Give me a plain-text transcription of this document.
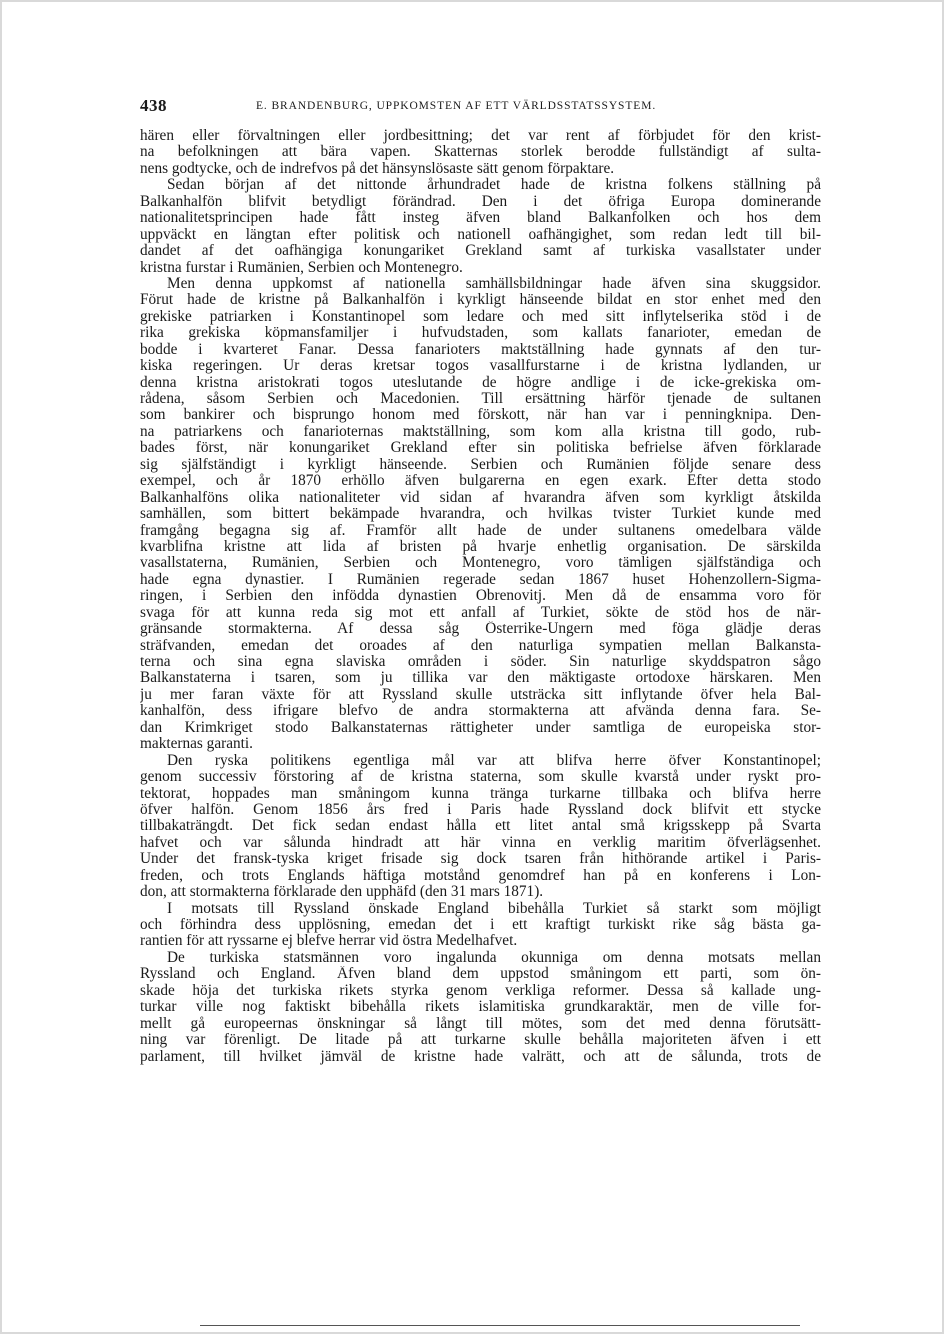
438	E. BRANDENBURG, UPPKOMSTEN AF ETT VÄRLDSSTATSSYSTEM.
hären eller förvaltningen eller jordbesittning; det var rent af förbjudet för den krist-
na befolkningen att bära vapen. Skatternas storlek berodde fullständigt af sulta-
nens godtycke, och de indrefvos på det hänsynslösaste sätt genom förpaktare.
Sedan början af det nittonde århundradet hade de kristna folkens ställning på
Balkanhalfön blifvit betydligt förändrad. Den i det öfriga Europa dominerande
nationalitetsprincipen hade fått insteg äfven bland Balkanfolken och hos dem
uppväckt en längtan efter politisk och nationell oafhängighet, som redan ledt till bil-
dandet af det oafhängiga konungariket Grekland samt af turkiska vasallstater under
kristna furstar i Rumänien, Serbien och Montenegro.
Men denna uppkomst af nationella samhällsbildningar hade äfven sina skuggsidor.
Förut hade de kristne på Balkanhalfön i kyrkligt hänseende bildat en stor enhet med den
grekiske patriarken i Konstantinopel som ledare och med sitt inflytelserika stöd i de
rika grekiska köpmansfamiljer i hufvudstaden, som kallats fanarioter, emedan de
bodde i kvarteret Fanar. Dessa fanarioters maktställning hade gynnats af den tur-
kiska regeringen. Ur deras kretsar togos vasallfurstarne i de kristna lydlanden, ur
denna kristna aristokrati togos uteslutande de högre andlige i de icke-grekiska om-
rådena, såsom Serbien och Macedonien. Till ersättning härför tjenade de sultanen
som bankirer och bisprungo honom med förskott, när han var i penningknipa. Den-
na patriarkens och fanarioternas maktställning, som kom alla kristna till godo, rub-
bades först, när konungariket Grekland efter sin politiska befrielse äfven förklarade
sig själfständigt i kyrkligt hänseende. Serbien och Rumänien följde senare dess
exempel, och år 1870 erhöllo äfven bulgarerna en egen exark. Efter detta stodo
Balkanhalföns olika nationaliteter vid sidan af hvarandra äfven som kyrkligt åtskilda
samhällen, som bittert bekämpade hvarandra, och hvilkas tvister Turkiet kunde med
framgång begagna sig af. Framför allt hade de under sultanens omedelbara välde
kvarblifna kristne att lida af bristen på hvarje enhetlig organisation. De särskilda
vasallstaterna, Rumänien, Serbien och Montenegro, voro tämligen själfständiga och
hade egna dynastier. I Rumänien regerade sedan 1867 huset Hohenzollern-Sigma-
ringen, i Serbien den infödda dynastien Obrenovitj. Men då de ensamma voro för
svaga för att kunna reda sig mot ett anfall af Turkiet, sökte de stöd hos de när-
gränsande stormakterna. Af dessa såg Österrike-Ungern med föga glädje deras
sträfvanden, emedan det oroades af den naturliga sympatien mellan Balkansta-
terna och sina egna slaviska områden i söder. Sin naturlige skyddspatron sågo
Balkanstaterna i tsaren, som ju tillika var den mäktigaste ortodoxe härskaren. Men
ju mer faran växte för att Ryssland skulle utsträcka sitt inflytande öfver hela Bal-
kanhalfön, dess ifrigare blefvo de andra stormakterna att afvända denna fara. Se-
dan Krimkriget stodo Balkanstaternas rättigheter under samtliga de europeiska stor-
makternas garanti.
Den ryska politikens egentliga mål var att blifva herre öfver Konstantinopel;
genom successiv förstoring af de kristna staterna, som skulle kvarstå under ryskt pro-
tektorat, hoppades man småningom kunna tränga turkarne tillbaka och blifva herre
öfver halfön. Genom 1856 års fred i Paris hade Ryssland dock blifvit ett stycke
tillbakaträngdt. Det fick sedan endast hålla ett litet antal små krigsskepp på Svarta
hafvet och var sålunda hindradt att här vinna en verklig maritim öfverlägsenhet.
Under det fransk-tyska kriget frisade sig dock tsaren från hithörande artikel i Paris-
freden, och trots Englands häftiga motstånd genomdref han på en konferens i Lon-
don, att stormakterna förklarade den upphäfd (den 31 mars 1871).
I motsats till Ryssland önskade England bibehålla Turkiet så starkt som möjligt
och förhindra dess upplösning, emedan det i ett kraftigt turkiskt rike såg bästa ga-
rantien för att ryssarne ej blefve herrar vid östra Medelhafvet.
De turkiska statsmännen voro ingalunda okunniga om denna motsats mellan
Ryssland och England. Äfven bland dem uppstod småningom ett parti, som ön-
skade höja det turkiska rikets styrka genom verkliga reformer. Dessa så kallade ung-
turkar ville nog faktiskt bibehålla rikets islamitiska grundkaraktär, men de ville for-
mellt gå europeernas önskningar så långt till mötes, som det med denna förutsätt-
ning var förenligt. De litade på att turkarne skulle behålla majoriteten äfven i ett
parlament, till hvilket jämväl de kristne hade valrätt, och att de sålunda, trots de
